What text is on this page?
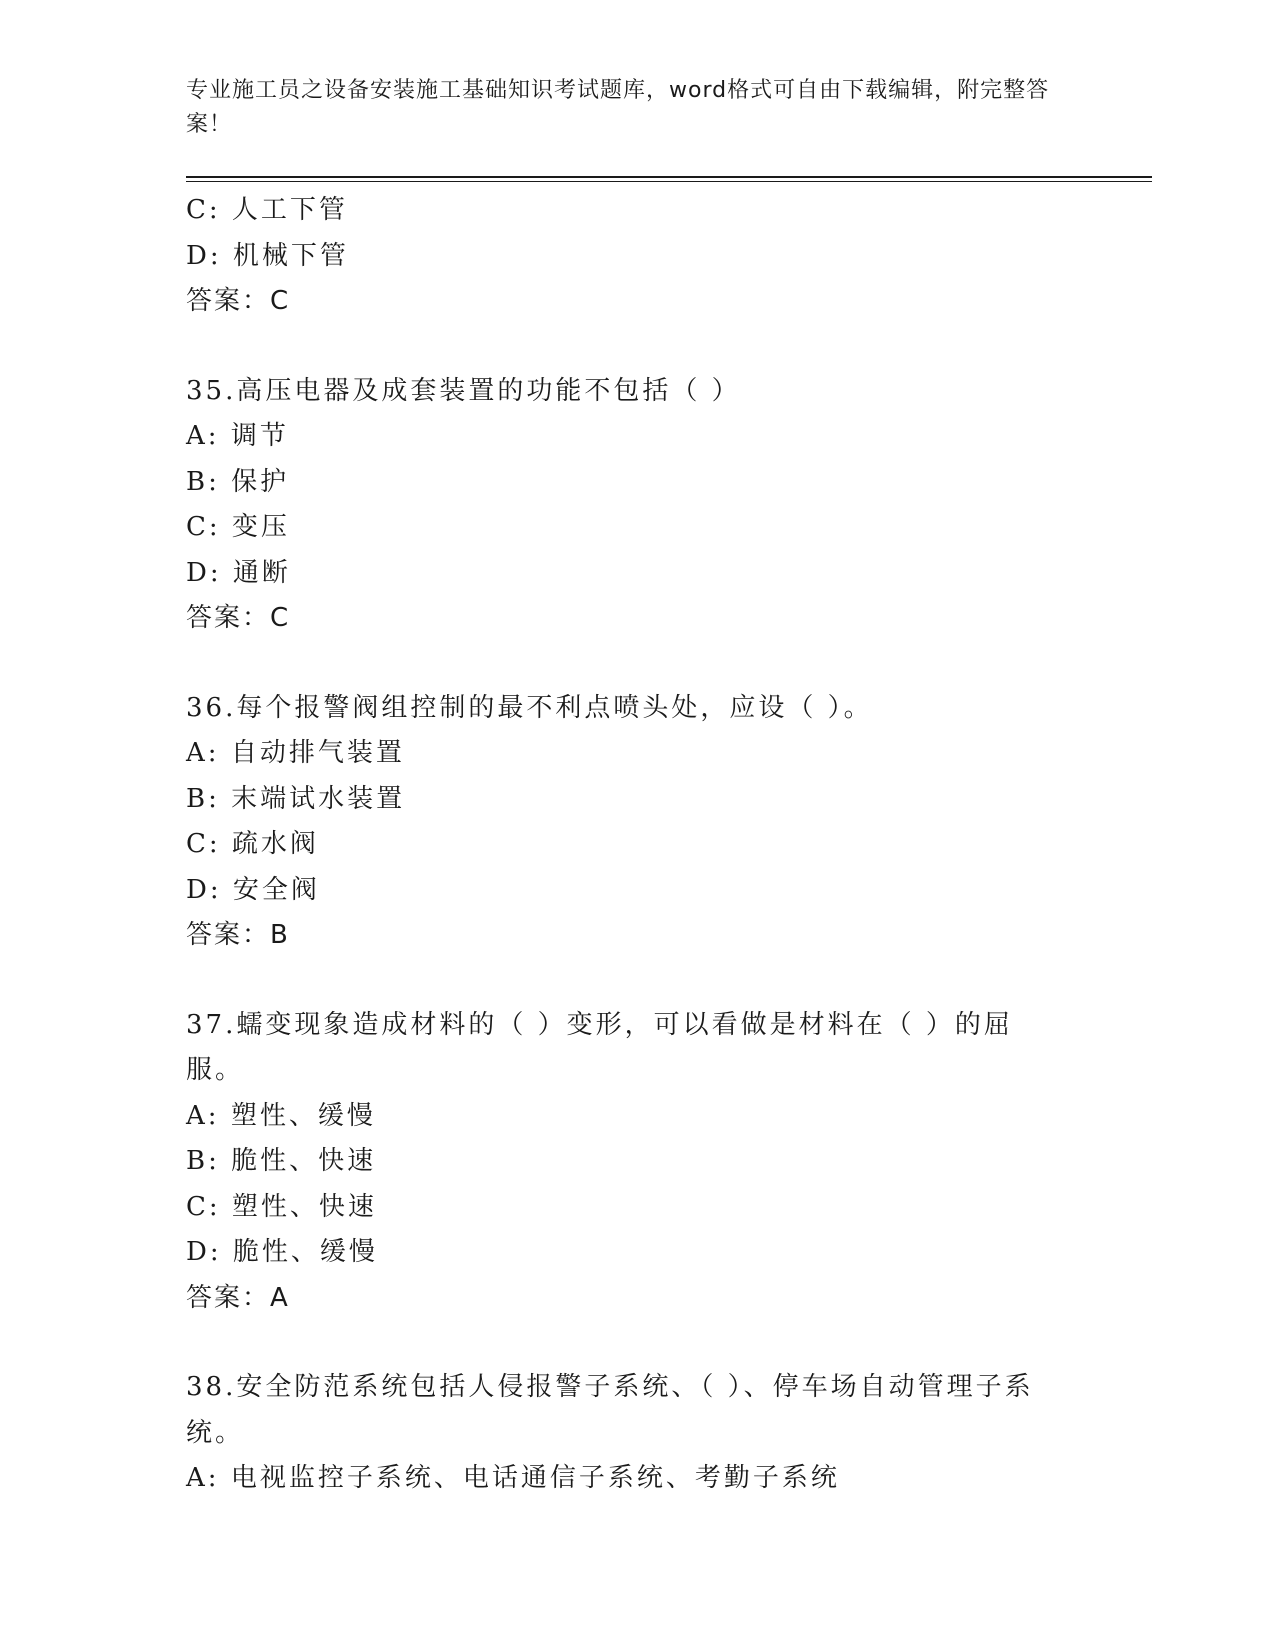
专业施工员之设备安装施工基础知识考试题库，word格式可自由下载编辑，附完整答案！
C: 人工下管
D: 机械下管
答案：C
35.高压电器及成套装置的功能不包括（ ）
A: 调节
B: 保护
C: 变压
D: 通断
答案：C
36.每个报警阀组控制的最不利点喷头处，应设（ ）。
A: 自动排气装置
B: 末端试水装置
C: 疏水阀
D: 安全阀
答案：B
37.蠕变现象造成材料的（ ）变形，可以看做是材料在（ ）的屈服。
A: 塑性、缓慢
B: 脆性、快速
C: 塑性、快速
D: 脆性、缓慢
答案：A
38.安全防范系统包括人侵报警子系统、（ ）、停车场自动管理子系统。
A: 电视监控子系统、电话通信子系统、考勤子系统
